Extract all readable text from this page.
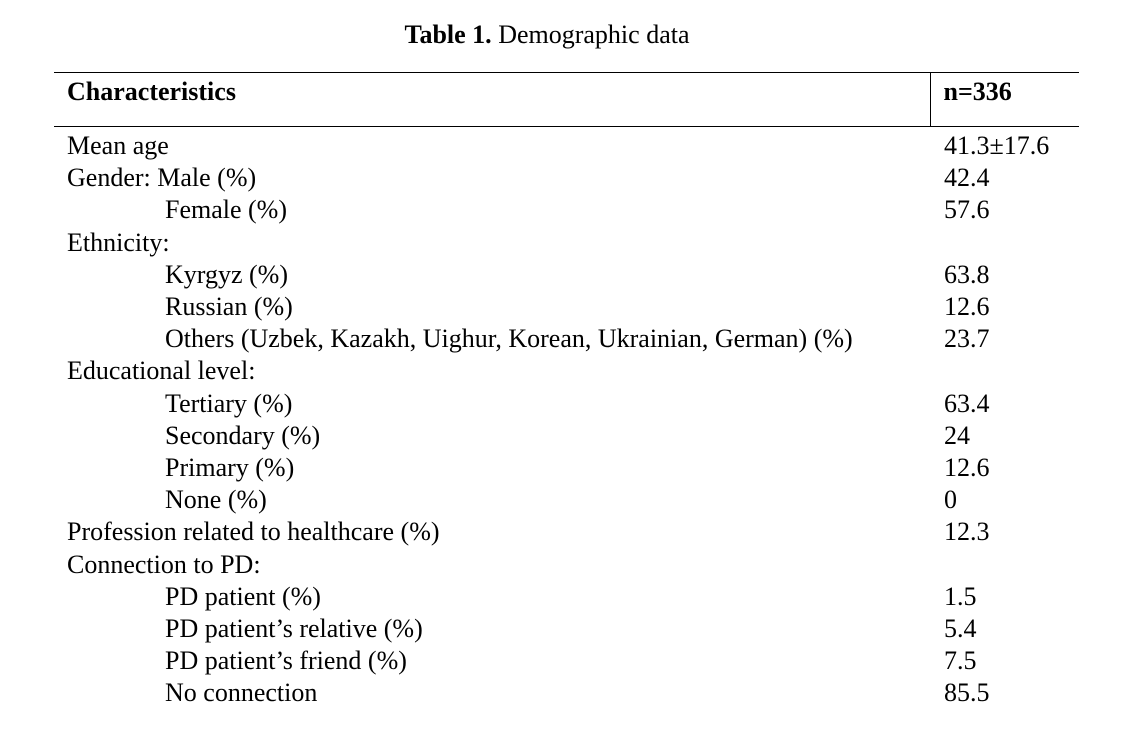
Table 1. Demographic data
Characteristics	n=336
Mean age	41.3±17.6
Gender: Male (%)	42.4
Female (%)	57.6
Ethnicity:	
Kyrgyz (%)	63.8
Russian (%)	12.6
Others (Uzbek, Kazakh, Uighur, Korean, Ukrainian, German) (%)	23.7
Educational level:	
Tertiary (%)	63.4
Secondary (%)	24
Primary (%)	12.6
None (%)	0
Profession related to healthcare (%)	12.3
Connection to PD:	
PD patient (%)	1.5
PD patient’s relative (%)	5.4
PD patient’s friend (%)	7.5
No connection	85.5
